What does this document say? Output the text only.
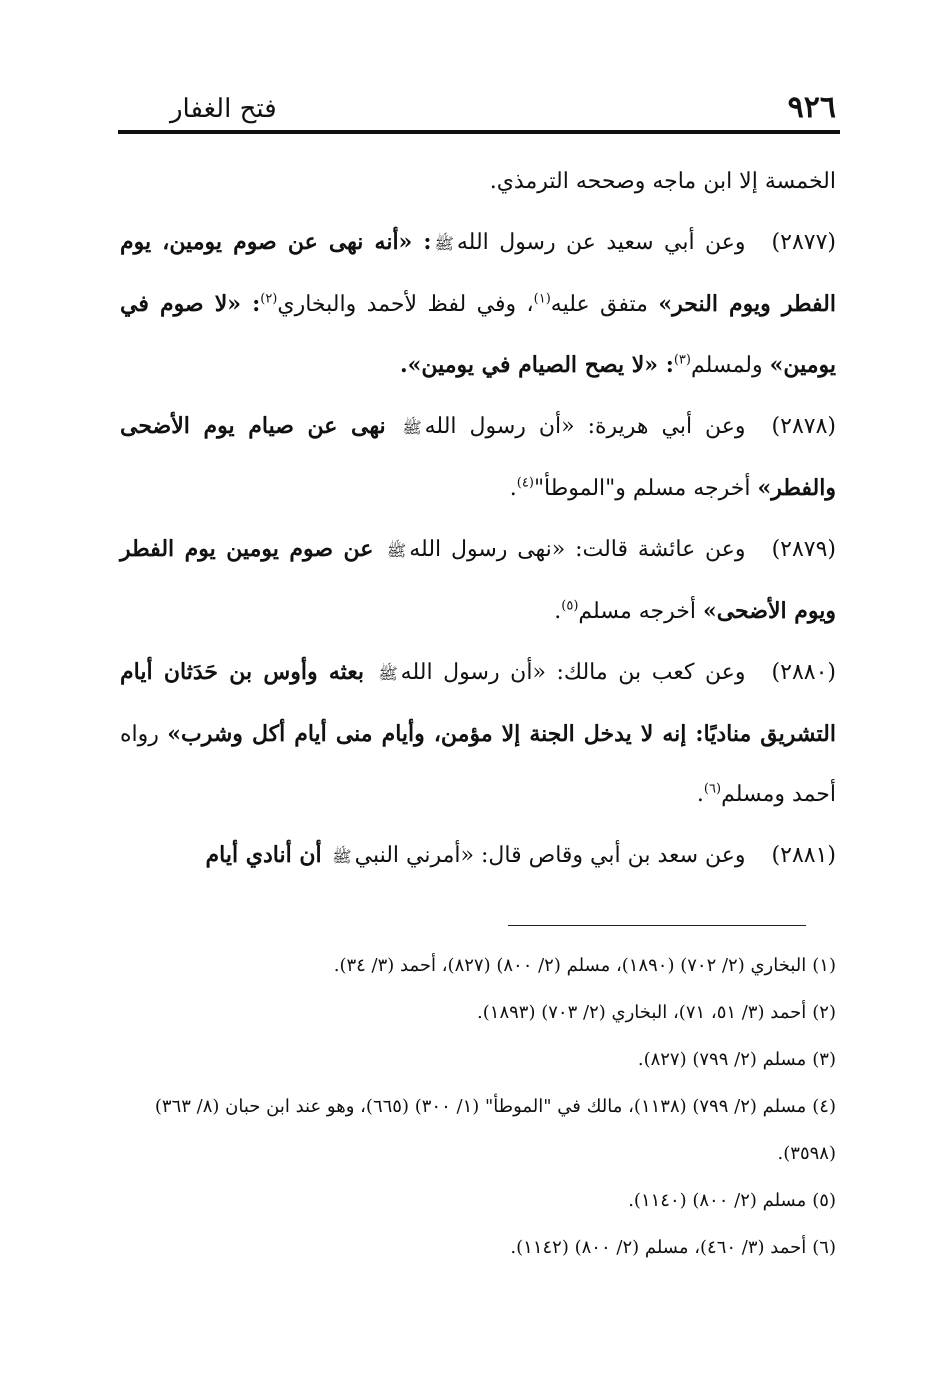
٩٢٦
فتح الغفار

الخمسة إلا ابن ماجه وصححه الترمذي.

(٢٨٧٧)وعن أبي سعيد عن رسول اللهﷺ: «أنه نهى عن صوم يومين، يوم الفطر ويوم النحر» متفق عليه$^{(١)}$، وفي لفظ لأحمد والبخاري$^{(٢)}$: «لا صوم في يومين» ولمسلم$^{(٣)}$: «لا يصح الصيام في يومين».

(٢٨٧٨)وعن أبي هريرة: «أن رسول اللهﷺ نهى عن صيام يوم الأضحى والفطر» أخرجه مسلم و"الموطأ"$^{(٤)}$.

(٢٨٧٩)وعن عائشة قالت: «نهى رسول اللهﷺ عن صوم يومين يوم الفطر ويوم الأضحى» أخرجه مسلم$^{(٥)}$.

(٢٨٨٠)وعن كعب بن مالك: «أن رسول اللهﷺ بعثه وأوس بن حَدَثان أيام التشريق مناديًا: إنه لا يدخل الجنة إلا مؤمن، وأيام منى أيام أكل وشرب» رواه أحمد ومسلم$^{(٦)}$.

(٢٨٨١)وعن سعد بن أبي وقاص قال: «أمرني النبيﷺ أن أنادي أيام

(١)البخاري (٢/ ٧٠٢) (١٨٩٠)، مسلم (٢/ ٨٠٠) (٨٢٧)، أحمد (٣/ ٣٤).

(٢)أحمد (٣/ ٥١، ٧١)، البخاري (٢/ ٧٠٣) (١٨٩٣).

(٣)مسلم (٢/ ٧٩٩) (٨٢٧).

(٤)مسلم (٢/ ٧٩٩) (١١٣٨)، مالك في "الموطأ" (١/ ٣٠٠) (٦٦٥)، وهو عند ابن حبان (٨/ ٣٦٣) (٣٥٩٨).

(٥)مسلم (٢/ ٨٠٠) (١١٤٠).

(٦)أحمد (٣/ ٤٦٠)، مسلم (٢/ ٨٠٠) (١١٤٢).
